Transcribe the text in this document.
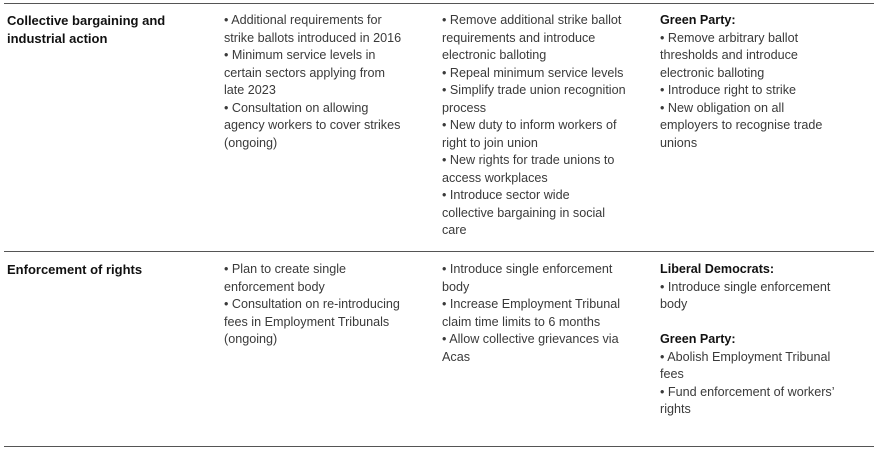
Collective bargaining and
industrial action
• Additional requirements for
strike ballots introduced in 2016
• Minimum service levels in
certain sectors applying from
late 2023
• Consultation on allowing
agency workers to cover strikes
(ongoing)
• Remove additional strike ballot
requirements and introduce
electronic balloting
• Repeal minimum service levels
• Simplify trade union recognition
process
• New duty to inform workers of
right to join union
• New rights for trade unions to
access workplaces
• Introduce sector wide
collective bargaining in social
care
Green Party:
• Remove arbitrary ballot
thresholds and introduce
electronic balloting
• Introduce right to strike
• New obligation on all
employers to recognise trade
unions
Enforcement of rights	• Plan to create single
enforcement body
• Consultation on re-introducing
fees in Employment Tribunals
(ongoing)
• Introduce single enforcement
body
• Increase Employment Tribunal
claim time limits to 6 months
• Allow collective grievances via
Acas
Liberal Democrats:
• Introduce single enforcement
body
Green Party:
• Abolish Employment Tribunal
fees
• Fund enforcement of workers’
rights
